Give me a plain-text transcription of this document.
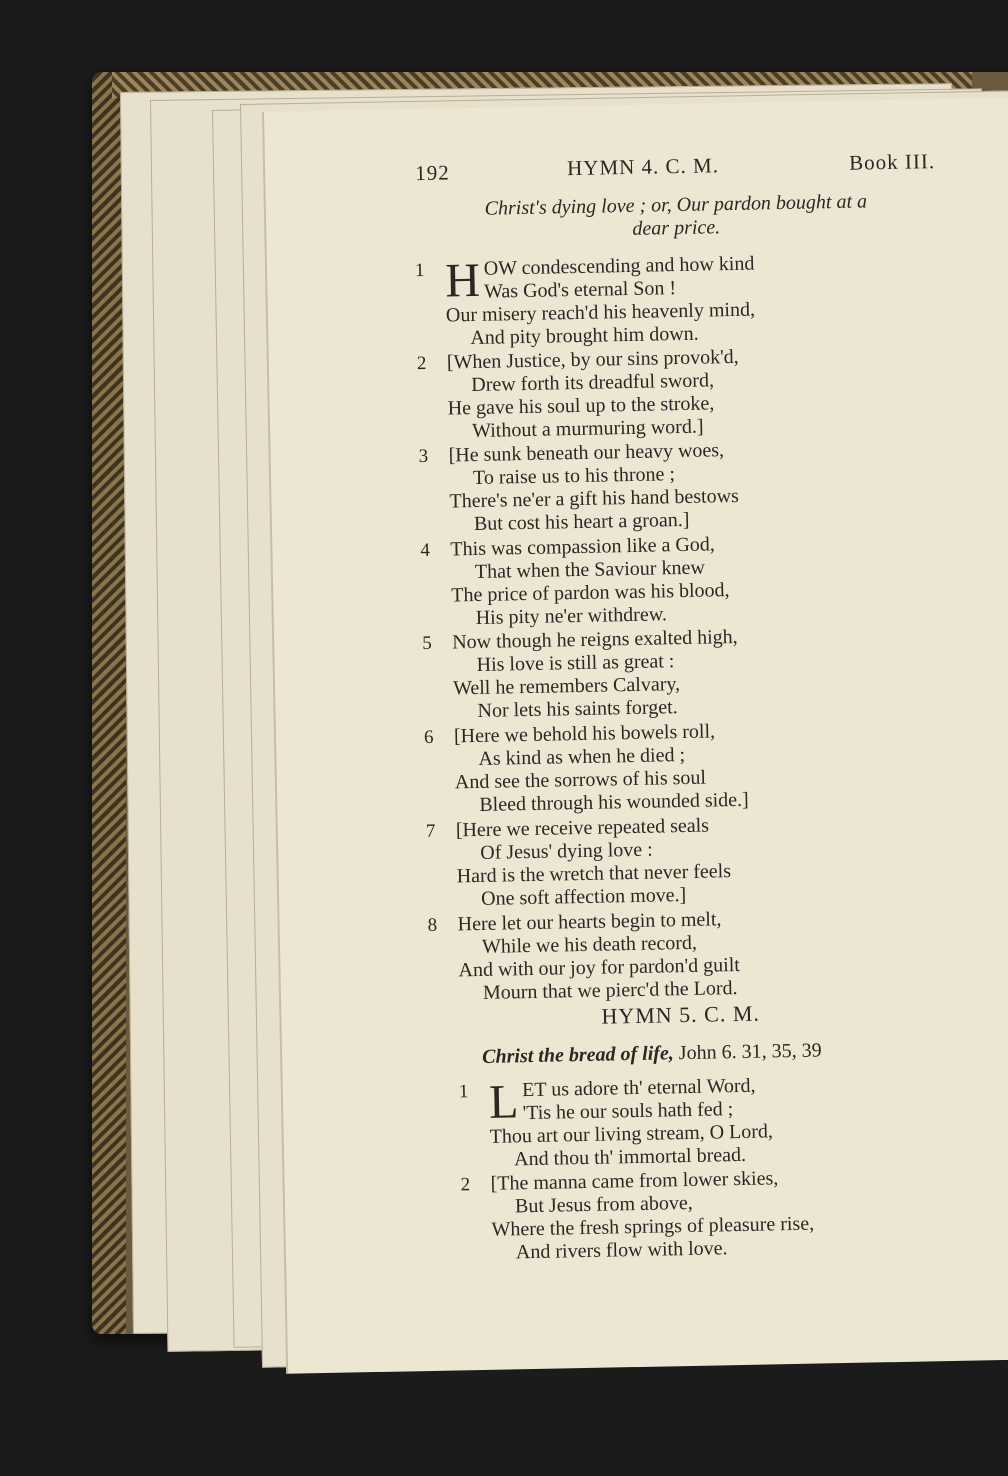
192	HYMN 4. C. M.	Book III.
Christ's dying love ; or, Our pardon bought at a
dear price.
1 H OW condescending and how kind
Was God's eternal Son !
Our misery reach'd his heavenly mind,
And pity brought him down.
2	[When Justice, by our sins provok'd,
Drew forth its dreadful sword,
He gave his soul up to the stroke,
Without a murmuring word.]
3	[He sunk beneath our heavy woes,
To raise us to his throne ;
There's ne'er a gift his hand bestows
But cost his heart a groan.]
4	This was compassion like a God,
That when the Saviour knew
The price of pardon was his blood,
His pity ne'er withdrew.
5	Now though he reigns exalted high,
His love is still as great :
Well he remembers Calvary,
Nor lets his saints forget.
6	[Here we behold his bowels roll,
As kind as when he died ;
And see the sorrows of his soul
Bleed through his wounded side.]
7	[Here we receive repeated seals
Of Jesus' dying love :
Hard is the wretch that never feels
One soft affection move.]
8	Here let our hearts begin to melt,
While we his death record,
And with our joy for pardon'd guilt
Mourn that we pierc'd the Lord.
HYMN 5. C. M.
Christ the bread of life, John 6. 31, 35, 39
1 L ET us adore th' eternal Word,
'Tis he our souls hath fed ;
Thou art our living stream, O Lord,
And thou th' immortal bread.
2	[The manna came from lower skies,
But Jesus from above,
Where the fresh springs of pleasure rise,
And rivers flow with love.
